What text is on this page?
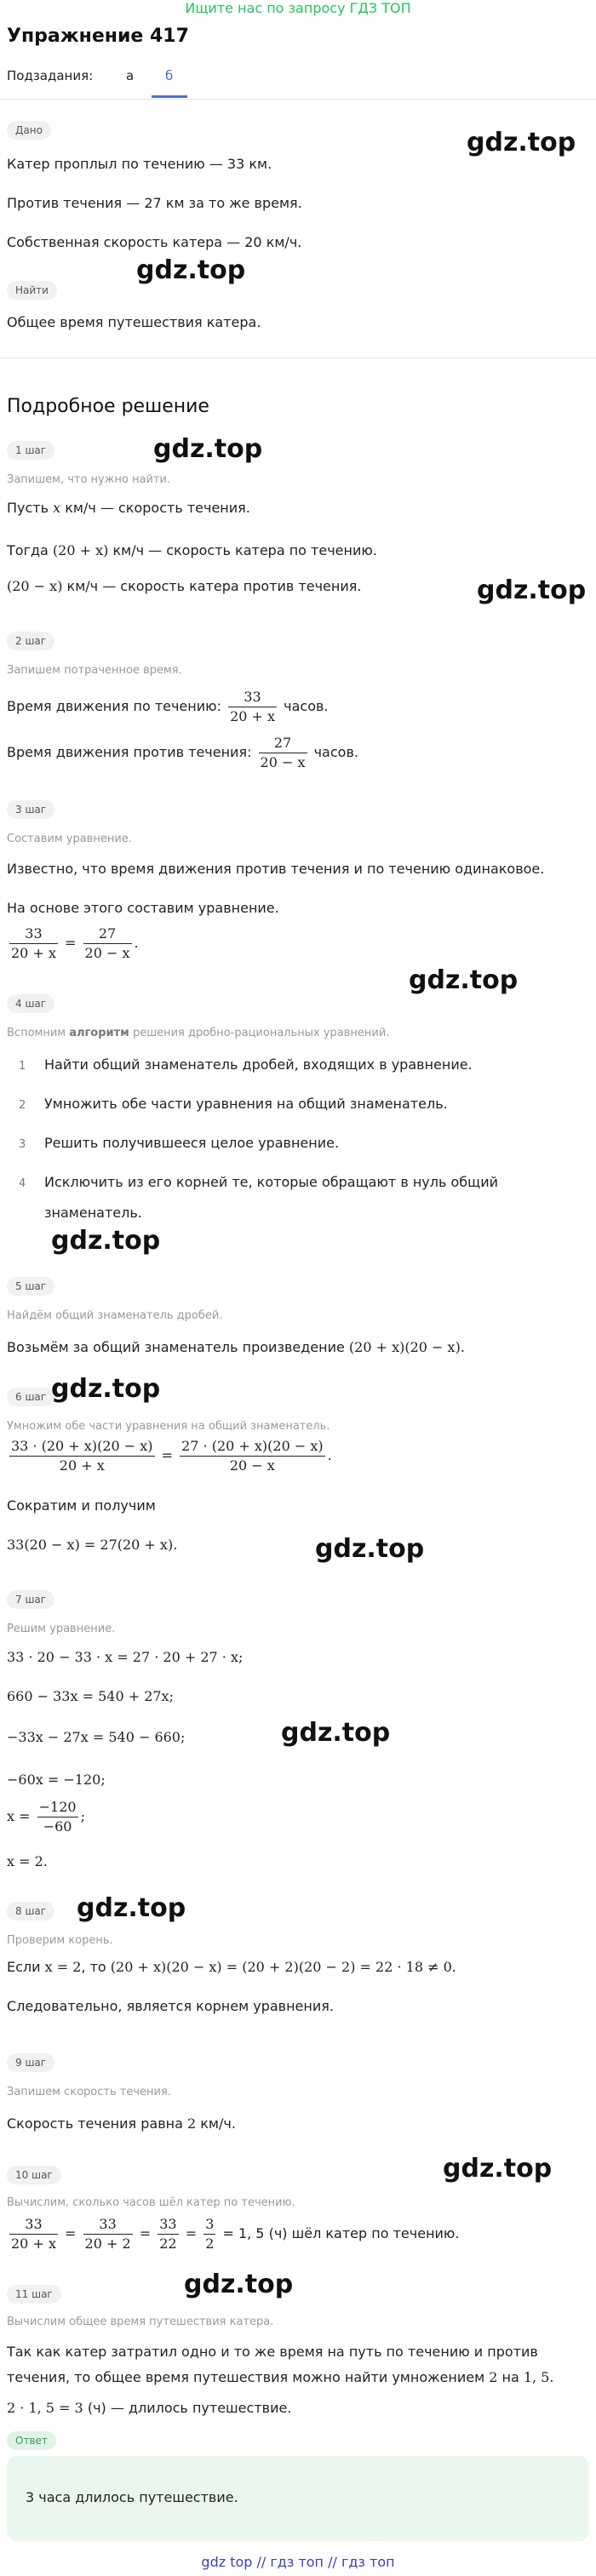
Ищите нас по запросу ГДЗ ТОП
Упражнение 417
Подзадания:	а б
Дано
Катер проплыл по течению — 33 км.
Против течения — 27 км за то же время.
Собственная скорость катера — 20 км/ч.
Найти
Общее время путешествия катера.
Подробное решение
1 шаг
Запишем, что нужно найти.
Пусть x км/ч — скорость течения.
Тогда (20 + x) км/ч — скорость катера по течению.
(20 − x) км/ч — скорость катера против течения.
2 шаг
Запишем потраченное время.
Время движения по течению: $\frac{33}{20 + x}$ часов.
Время движения против течения: $\frac{27}{20 - x}$ часов.
3 шаг
Составим уравнение.
Известно, что время движения против течения и по течению одинаковое.
На основе этого составим уравнение.
$\frac{33}{20 + x} = \frac{27}{20 - x}$ .
4 шаг
Вспомним алгоритм решения дробно-рациональных уравнений.
1 Найти общий знаменатель дробей, входящих в уравнение.
2 Умножить обе части уравнения на общий знаменатель.
3 Решить получившееся целое уравнение.
4 Исключить из его корней те, которые обращают в нуль общий
знаменатель.
5 шаг
Найдём общий знаменатель дробей.
Возьмём за общий знаменатель произведение (20 + x)(20 − x).
6 шаг
Умножим обе части уравнения на общий знаменатель.
$\frac{33 \cdot (20 + x)(20 - x)}{20 + x} = \frac{27 \cdot (20 + x)(20 - x)}{20 - x}$ .
Сократим и получим
33(20 − x) = 27(20 + x).
7 шаг
Решим уравнение.
33 · 20 − 33 · x = 27 · 20 + 27 · x;
660 − 33x = 540 + 27x;
−33x − 27x = 540 − 660;
−60x = −120;
$x = \frac{-120}{-60}$ ;
x = 2.
8 шаг
Проверим корень.
Если x = 2, то (20 + x)(20 − x) = (20 + 2)(20 − 2) = 22 · 18 ≠ 0.
Следовательно, является корнем уравнения.
9 шаг
Запишем скорость течения.
Скорость течения равна 2 км/ч.
10 шаг
Вычислим, сколько часов шёл катер по течению.
$\frac{33}{20 + x} = \frac{33}{20 + 2} = \frac{33}{22} = \frac{3}{2} = 1$, 5 (ч) шёл катер по течению.
11 шаг
Вычислим общее время путешествия катера.
Так как катер затратил одно и то же время на путь по течению и против
течения, то общее время путешествия можно найти умножением 2 на 1, 5.
2 · 1, 5 = 3 (ч) — длилось путешествие.
Ответ
3 часа длилось путешествие.
gdz top // гдз топ // гдз топ
gdz.top
gdz.top
gdz.top
gdz.top
gdz.top
gdz.top
gdz.top
gdz.top
gdz.top
gdz.top
gdz.top
gdz.top
